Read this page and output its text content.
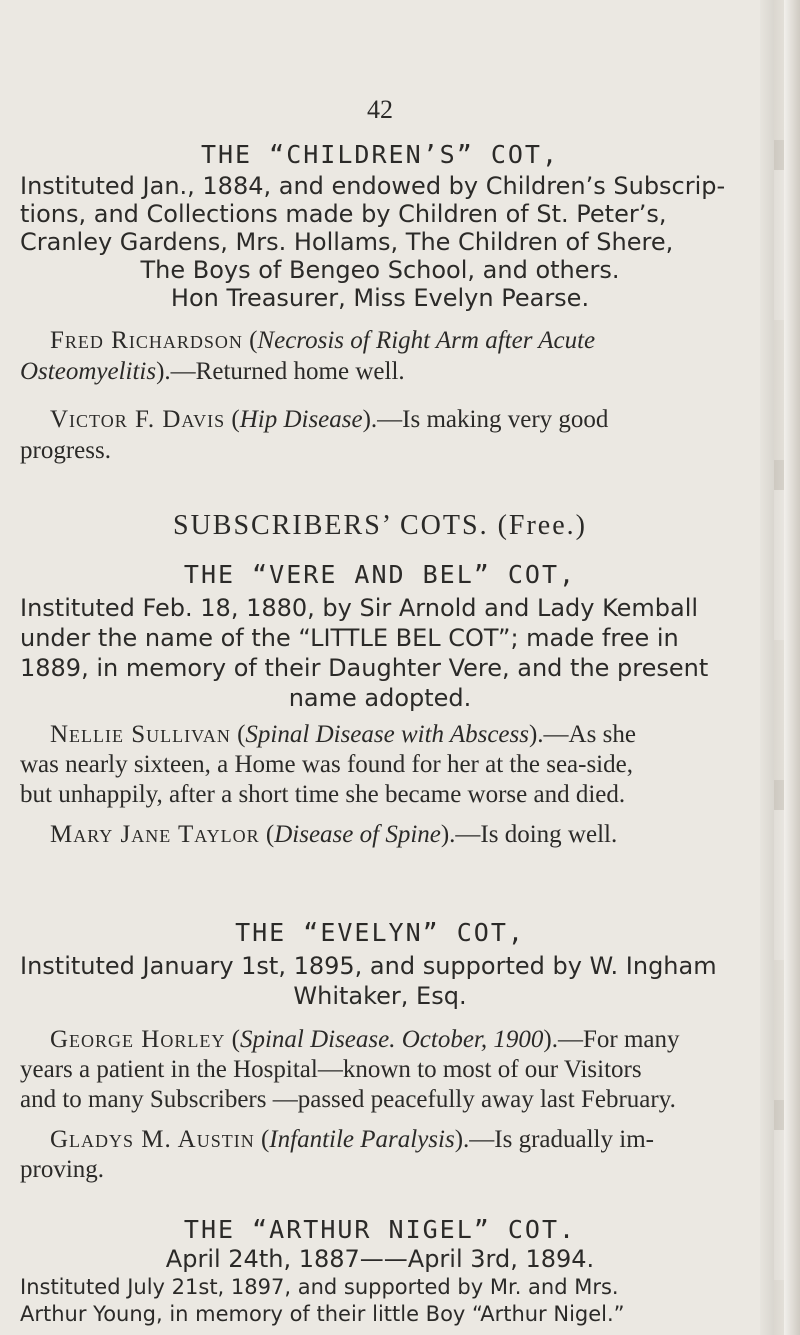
42
THE “CHILDREN’S” COT,
Instituted Jan., 1884, and endowed by Children’s Subscrip-
tions, and Collections made by Children of St. Peter’s,
Cranley Gardens, Mrs. Hollams, The Children of Shere,
The Boys of Bengeo School, and others.
Hon Treasurer, Miss Evelyn Pearse.
Fred Richardson (Necrosis of Right Arm after Acute
Osteomyelitis).—Returned home well.
Victor F. Davis (Hip Disease).—Is making very good
progress.
SUBSCRIBERS’ COTS. (Free.)
THE “VERE AND BEL” COT,
Instituted Feb. 18, 1880, by Sir Arnold and Lady Kemball
under the name of the “LITTLE BEL COT”; made free in
1889, in memory of their Daughter Vere, and the present
name adopted.
Nellie Sullivan (Spinal Disease with Abscess).—As she
was nearly sixteen, a Home was found for her at the sea-side,
but unhappily, after a short time she became worse and died.
Mary Jane Taylor (Disease of Spine).—Is doing well.
THE “EVELYN” COT,
Instituted January 1st, 1895, and supported by W. Ingham
Whitaker, Esq.
George Horley (Spinal Disease. October, 1900).—For many
years a patient in the Hospital—known to most of our Visitors
and to many Subscribers —passed peacefully away last February.
Gladys M. Austin (Infantile Paralysis).—Is gradually im-
proving.
THE “ARTHUR NIGEL” COT.
April 24th, 1887——April 3rd, 1894.
Instituted July 21st, 1897, and supported by Mr. and Mrs.
Arthur Young, in memory of their little Boy “Arthur Nigel.”
